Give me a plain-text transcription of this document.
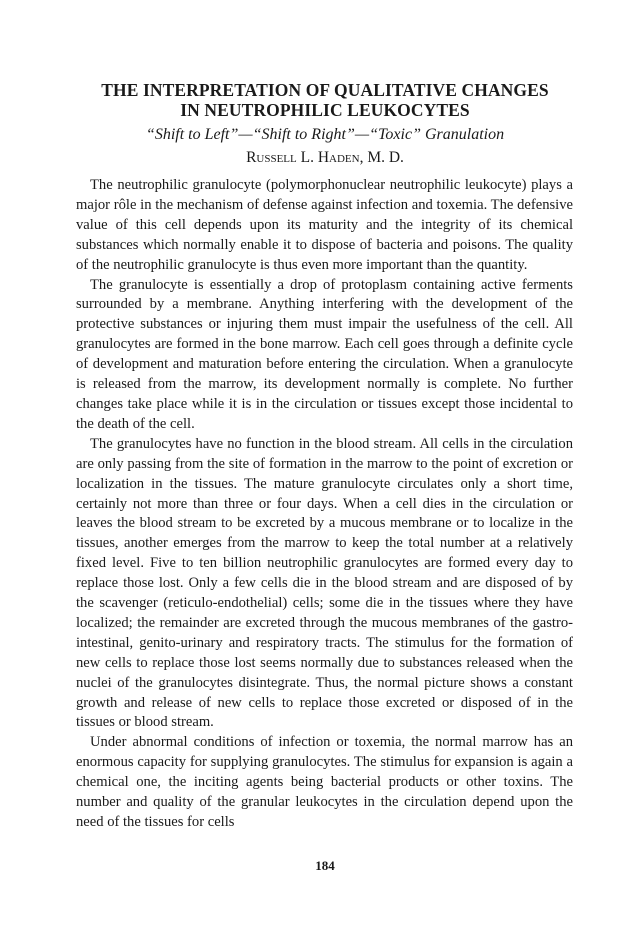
THE INTERPRETATION OF QUALITATIVE CHANGES
IN NEUTROPHILIC LEUKOCYTES

“Shift to Left”—“Shift to Right”—“Toxic” Granulation

Russell L. Haden, M. D.

The neutrophilic granulocyte (polymorphonuclear neutrophilic leukocyte) plays a major rôle in the mechanism of defense against infection and toxemia. The defensive value of this cell depends upon its maturity and the integrity of its chemical substances which normally enable it to dispose of bacteria and poisons. The quality of the neutrophilic granulocyte is thus even more important than the quantity.

The granulocyte is essentially a drop of protoplasm containing active ferments surrounded by a membrane. Anything interfering with the development of the protective substances or injuring them must impair the usefulness of the cell. All granulocytes are formed in the bone marrow. Each cell goes through a definite cycle of development and maturation before entering the circulation. When a granulocyte is released from the marrow, its development normally is complete. No further changes take place while it is in the circulation or tissues except those incidental to the death of the cell.

The granulocytes have no function in the blood stream. All cells in the circulation are only passing from the site of formation in the marrow to the point of excretion or localization in the tissues. The mature granulocyte circulates only a short time, certainly not more than three or four days. When a cell dies in the circulation or leaves the blood stream to be excreted by a mucous membrane or to localize in the tissues, another emerges from the marrow to keep the total number at a relatively fixed level. Five to ten billion neutrophilic granulocytes are formed every day to replace those lost. Only a few cells die in the blood stream and are disposed of by the scavenger (reticulo-endothelial) cells; some die in the tissues where they have localized; the remainder are excreted through the mucous membranes of the gastro-intestinal, genito-urinary and respiratory tracts. The stimulus for the formation of new cells to replace those lost seems normally due to substances released when the nuclei of the granulocytes disintegrate. Thus, the normal picture shows a constant growth and release of new cells to replace those excreted or disposed of in the tissues or blood stream.

Under abnormal conditions of infection or toxemia, the normal marrow has an enormous capacity for supplying granulocytes. The stimulus for expansion is again a chemical one, the inciting agents being bacterial products or other toxins. The number and quality of the granular leukocytes in the circulation depend upon the need of the tissues for cells

184
